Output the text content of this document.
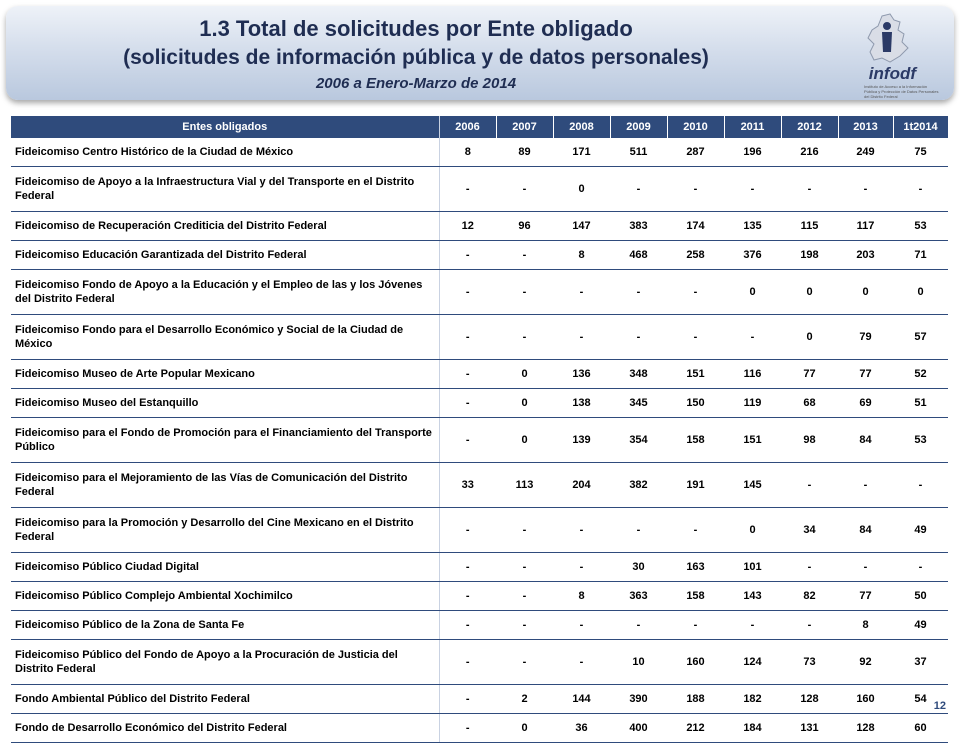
1.3 Total de solicitudes por Ente obligado
(solicitudes de información pública y de datos personales)
2006 a Enero-Marzo de 2014
infodf
Instituto de Acceso a la Información Pública y Protección de Datos Personales del Distrito Federal
Entes obligados	2006	2007	2008	2009	2010	2011	2012	2013	1t2014
Fideicomiso Centro Histórico de la Ciudad de México	8	89	171	511	287	196	216	249	75
Fideicomiso de Apoyo a la Infraestructura Vial y del Transporte en el Distrito Federal	-	-	0	-	-	-	-	-	-
Fideicomiso de Recuperación Crediticia del Distrito Federal	12	96	147	383	174	135	115	117	53
Fideicomiso Educación Garantizada del Distrito Federal	-	-	8	468	258	376	198	203	71
Fideicomiso Fondo de Apoyo a la Educación y el Empleo de las y los Jóvenes del Distrito Federal	-	-	-	-	-	0	0	0	0
Fideicomiso Fondo para el Desarrollo Económico y Social de la Ciudad de México	-	-	-	-	-	-	0	79	57
Fideicomiso Museo de Arte Popular Mexicano	-	0	136	348	151	116	77	77	52
Fideicomiso Museo del Estanquillo	-	0	138	345	150	119	68	69	51
Fideicomiso para el Fondo de Promoción para el Financiamiento del Transporte Público	-	0	139	354	158	151	98	84	53
Fideicomiso para el Mejoramiento de las Vías de Comunicación del Distrito Federal	33	113	204	382	191	145	-	-	-
Fideicomiso para la Promoción y Desarrollo del Cine Mexicano en el Distrito Federal	-	-	-	-	-	0	34	84	49
Fideicomiso Público Ciudad Digital	-	-	-	30	163	101	-	-	-
Fideicomiso Público Complejo Ambiental Xochimilco	-	-	8	363	158	143	82	77	50
Fideicomiso Público de la Zona de Santa Fe	-	-	-	-	-	-	-	8	49
Fideicomiso Público del Fondo de Apoyo a la Procuración de Justicia del Distrito Federal	-	-	-	10	160	124	73	92	37
Fondo Ambiental Público del Distrito Federal	-	2	144	390	188	182	128	160	54
Fondo de Desarrollo Económico del Distrito Federal	-	0	36	400	212	184	131	128	60
12
